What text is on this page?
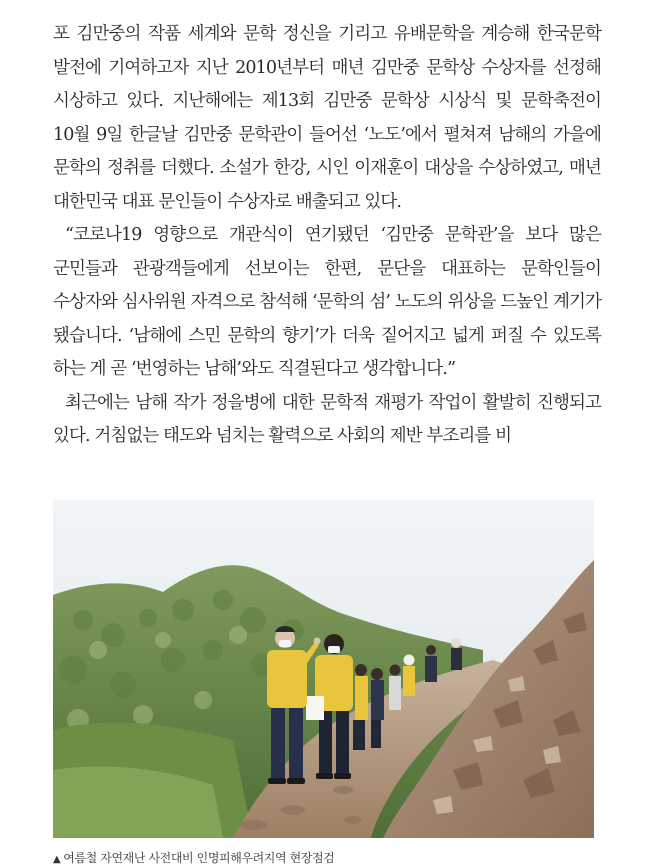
포 김만중의 작품 세계와 문학 정신을 기리고 유배문학을 계승해 한국문학 발전에 기여하고자 지난 2010년부터 매년 김만중 문학상 수상자를 선정해 시상하고 있다. 지난해에는 제13회 김만중 문학상 시상식 및 문학축전이 10월 9일 한글날 김만중 문학관이 들어선 ‘노도’에서 펼쳐져 남해의 가을에 문학의 정취를 더했다. 소설가 한강, 시인 이재훈이 대상을 수상하였고, 매년 대한민국 대표 문인들이 수상자로 배출되고 있다.

“코로나19 영향으로 개관식이 연기됐던 ‘김만중 문학관’을 보다 많은 군민들과 관광객들에게 선보이는 한편, 문단을 대표하는 문학인들이 수상자와 심사위원 자격으로 참석해 ‘문학의 섬’ 노도의 위상을 드높인 계기가 됐습니다. ‘남해에 스민 문학의 향기’가 더욱 짙어지고 넓게 퍼질 수 있도록 하는 게 곧 ‘번영하는 남해’와도 직결된다고 생각합니다.”

최근에는 남해 작가 정을병에 대한 문학적 재평가 작업이 활발히 진행되고 있다. 거침없는 태도와 넘치는 활력으로 사회의 제반 부조리를 비

▲ 여름철 자연재난 사전대비 인명피해우려지역 현장점검
